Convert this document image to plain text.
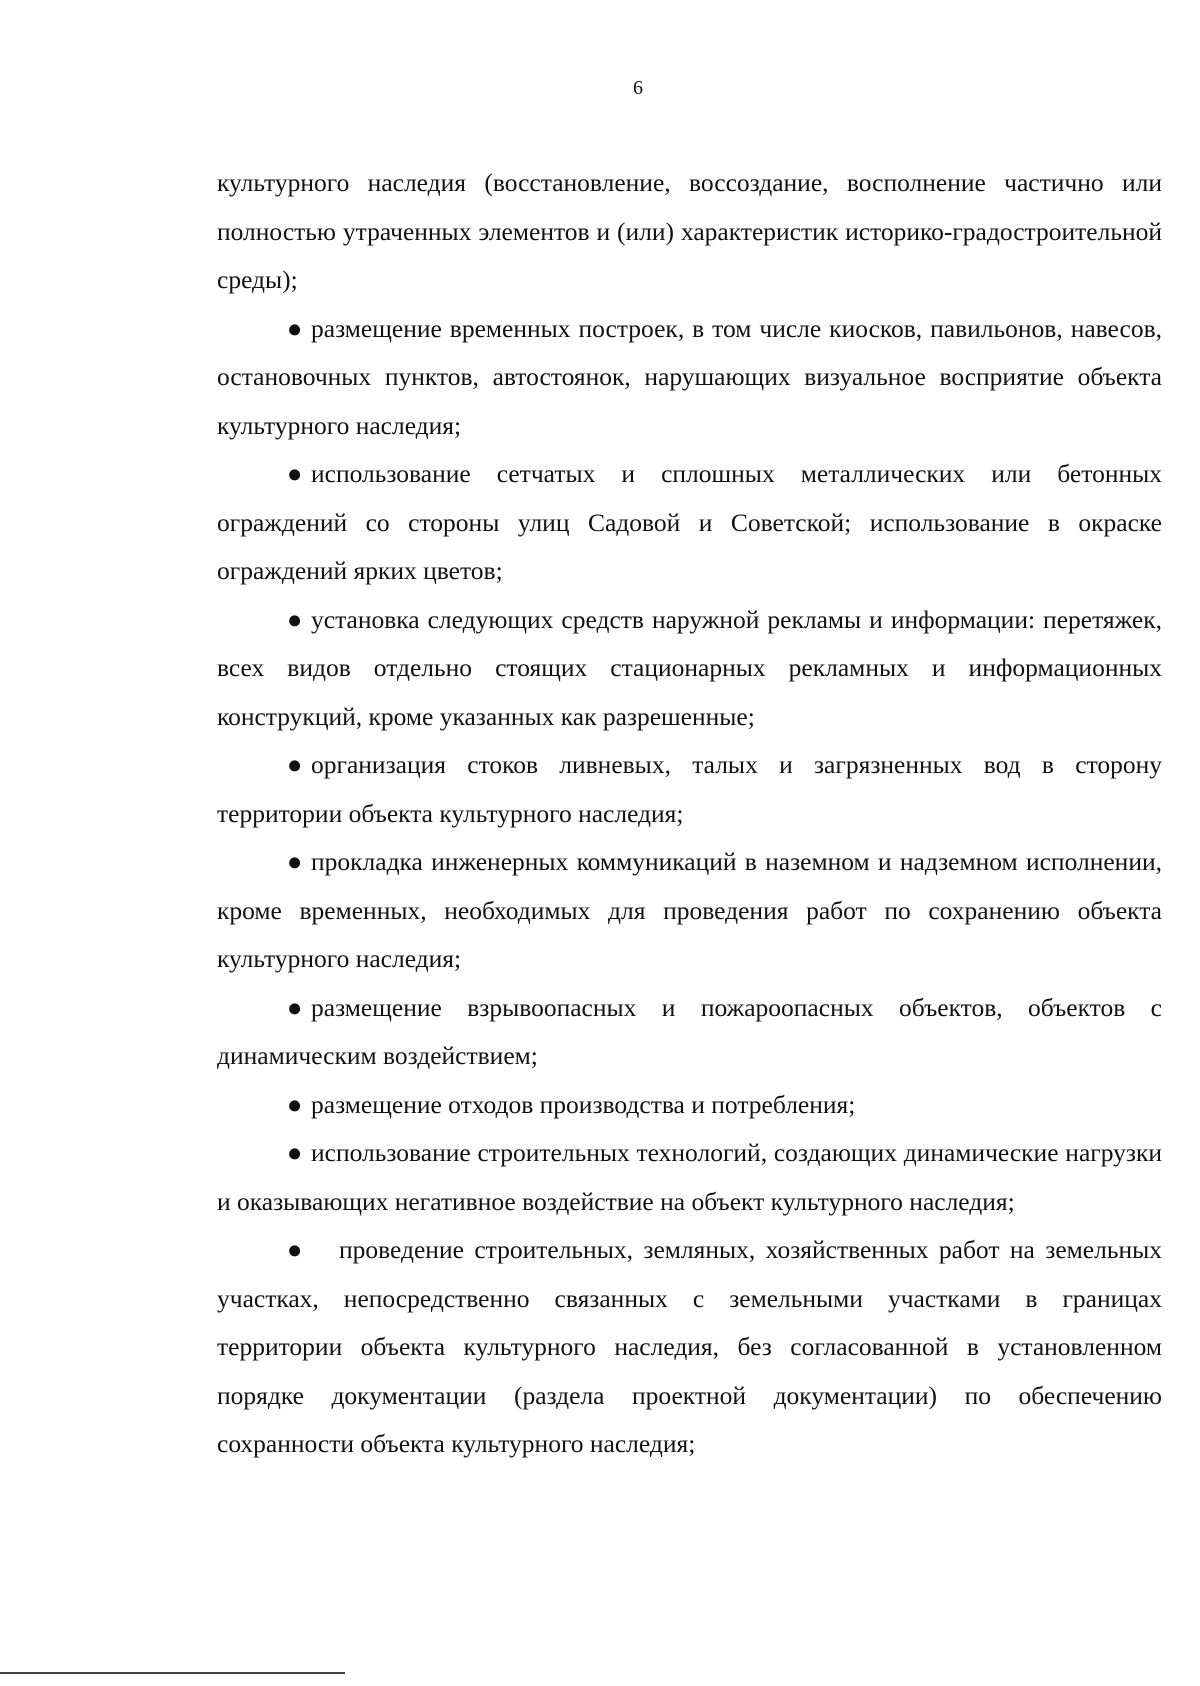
6

культурного наследия (восстановление, воссоздание, восполнение частично или полностью утраченных элементов и (или) характеристик историко-градостроительной среды);

● размещение временных построек, в том числе киосков, павильонов, навесов, остановочных пунктов, автостоянок, нарушающих визуальное восприятие объекта культурного наследия;

● использование сетчатых и сплошных металлических или бетонных ограждений со стороны улиц Садовой и Советской; использование в окраске ограждений ярких цветов;

● установка следующих средств наружной рекламы и информации: перетяжек, всех видов отдельно стоящих стационарных рекламных и информационных конструкций, кроме указанных как разрешенные;

● организация стоков ливневых, талых и загрязненных вод в сторону территории объекта культурного наследия;

● прокладка инженерных коммуникаций в наземном и надземном исполнении, кроме временных, необходимых для проведения работ по сохранению объекта культурного наследия;

● размещение взрывоопасных и пожароопасных объектов, объектов с динамическим воздействием;

● размещение отходов производства и потребления;

● использование строительных технологий, создающих динамические нагрузки и оказывающих негативное воздействие на объект культурного наследия;

● проведение строительных, земляных, хозяйственных работ на земельных участках, непосредственно связанных с земельными участками в границах территории объекта культурного наследия, без согласованной в установленном порядке документации (раздела проектной документации) по обеспечению сохранности объекта культурного наследия;
